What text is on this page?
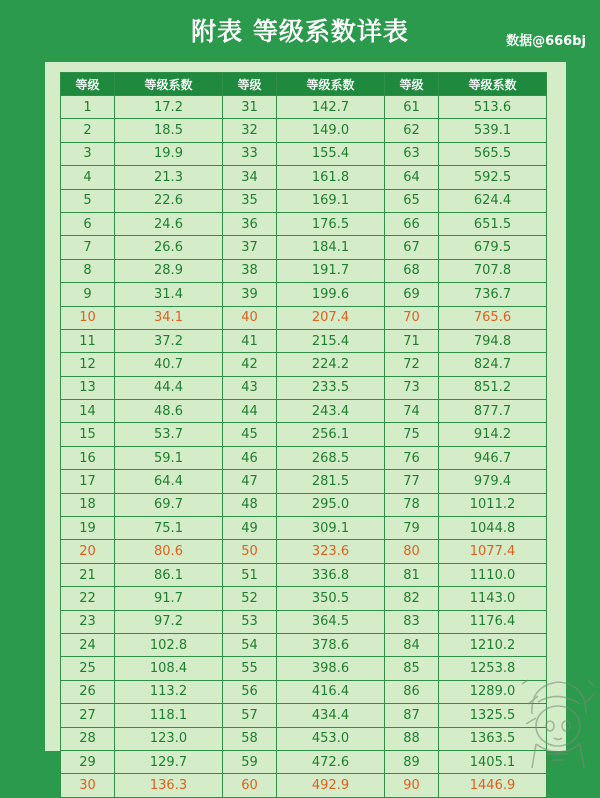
附表 等级系数详表	数据@666bj
等级	等级系数	等级	等级系数	等级	等级系数
1	17.2	31	142.7	61	513.6
2	18.5	32	149.0	62	539.1
3	19.9	33	155.4	63	565.5
4	21.3	34	161.8	64	592.5
5	22.6	35	169.1	65	624.4
6	24.6	36	176.5	66	651.5
7	26.6	37	184.1	67	679.5
8	28.9	38	191.7	68	707.8
9	31.4	39	199.6	69	736.7
10	34.1	40	207.4	70	765.6
11	37.2	41	215.4	71	794.8
12	40.7	42	224.2	72	824.7
13	44.4	43	233.5	73	851.2
14	48.6	44	243.4	74	877.7
15	53.7	45	256.1	75	914.2
16	59.1	46	268.5	76	946.7
17	64.4	47	281.5	77	979.4
18	69.7	48	295.0	78	1011.2
19	75.1	49	309.1	79	1044.8
20	80.6	50	323.6	80	1077.4
21	86.1	51	336.8	81	1110.0
22	91.7	52	350.5	82	1143.0
23	97.2	53	364.5	83	1176.4
24	102.8	54	378.6	84	1210.2
25	108.4	55	398.6	85	1253.8
26	113.2	56	416.4	86	1289.0
27	118.1	57	434.4	87	1325.5
28	123.0	58	453.0	88	1363.5
29	129.7	59	472.6	89	1405.1
30	136.3	60	492.9	90	1446.9
